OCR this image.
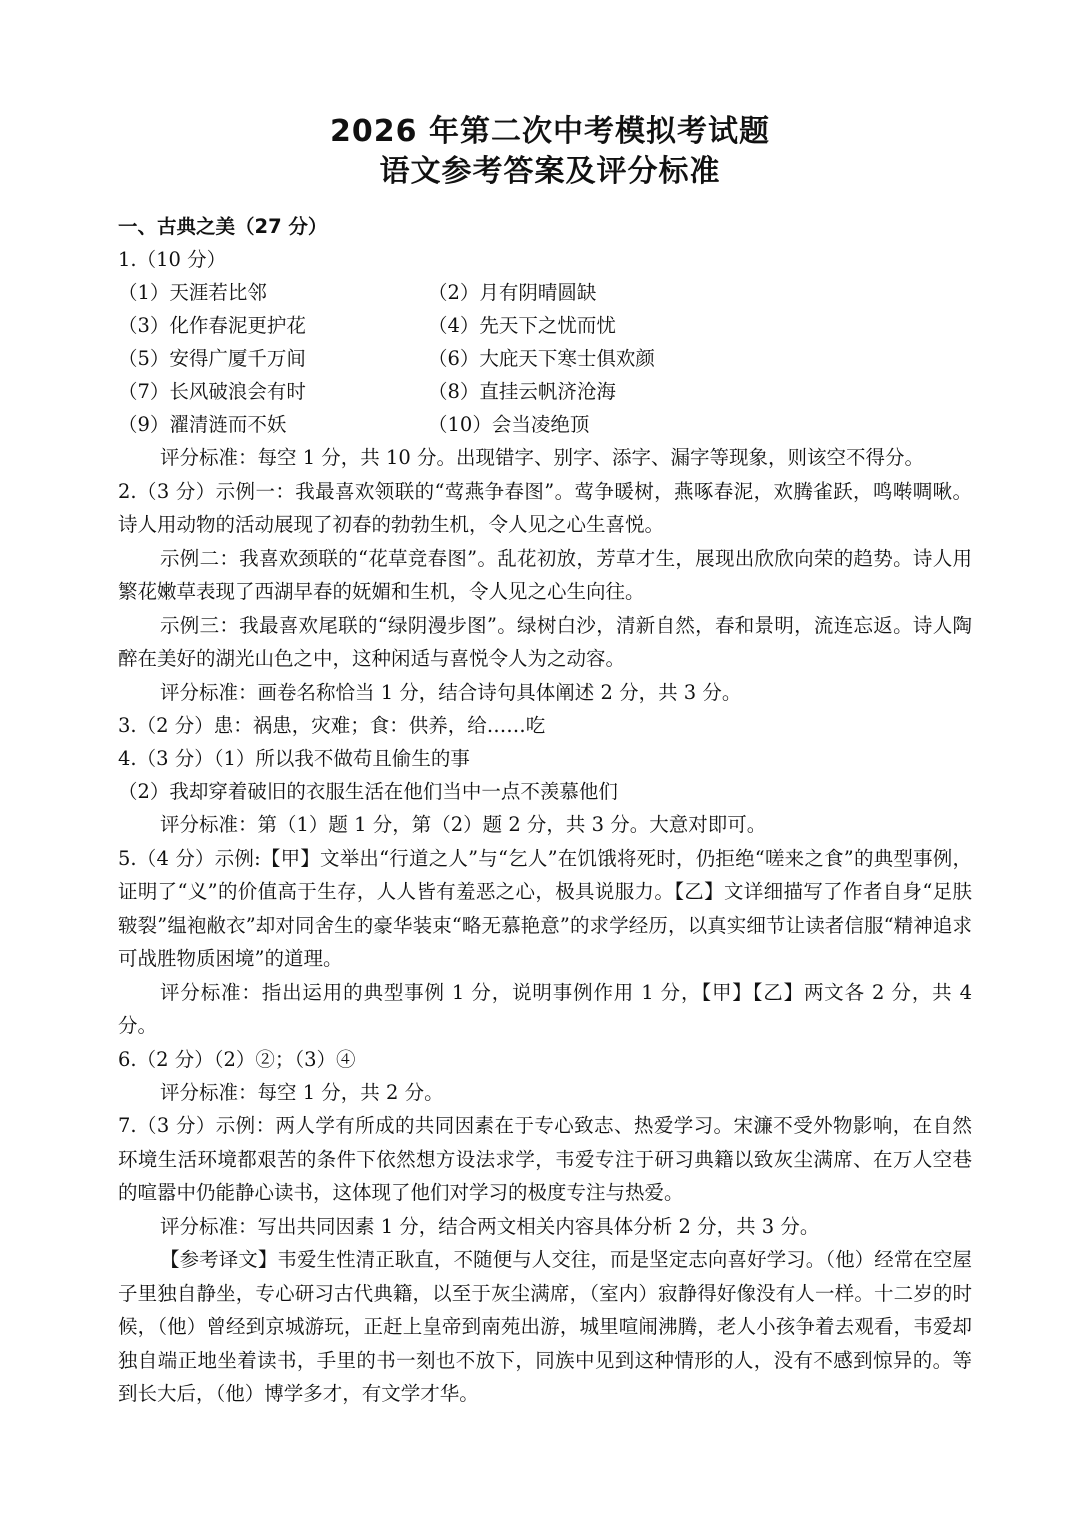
2026 年第二次中考模拟考试题
语文参考答案及评分标准
一、古典之美（27 分）
1.（10 分）
（1）天涯若比邻	（2）月有阴晴圆缺
（3）化作春泥更护花	（4）先天下之忧而忧
（5）安得广厦千万间	（6）大庇天下寒士俱欢颜
（7）长风破浪会有时	（8）直挂云帆济沧海
（9）濯清涟而不妖	（10）会当凌绝顶

评分标准：每空 1 分，共 10 分。出现错字、别字、添字、漏字等现象，则该空不得分。

2.（3 分）示例一：我最喜欢领联的“莺燕争春图”。莺争暖树，燕啄春泥，欢腾雀跃，鸣啭啁啾。诗人用动物的活动展现了初春的勃勃生机，令人见之心生喜悦。

示例二：我喜欢颈联的“花草竞春图”。乱花初放，芳草才生，展现出欣欣向荣的趋势。诗人用繁花嫩草表现了西湖早春的妩媚和生机，令人见之心生向往。

示例三：我最喜欢尾联的“绿阴漫步图”。绿树白沙，清新自然，春和景明，流连忘返。诗人陶醉在美好的湖光山色之中，这种闲适与喜悦令人为之动容。

评分标准：画卷名称恰当 1 分，结合诗句具体阐述 2 分，共 3 分。

3.（2 分）患：祸患，灾难；食：供养，给……吃
4.（3 分）（1）所以我不做苟且偷生的事
（2）我却穿着破旧的衣服生活在他们当中一点不羡慕他们

评分标准：第（1）题 1 分，第（2）题 2 分，共 3 分。大意对即可。

5.（4 分）示例:【甲】文举出“行道之人”与“乞人”在饥饿将死时，仍拒绝“嗟来之食”的典型事例，证明了“义”的价值高于生存，人人皆有羞恶之心，极具说服力。【乙】文详细描写了作者自身“足肤皲裂”缊袍敝衣”却对同舍生的豪华装束“略无慕艳意”的求学经历，以真实细节让读者信服“精神追求可战胜物质困境”的道理。

评分标准：指出运用的典型事例 1 分，说明事例作用 1 分，【甲】【乙】两文各 2 分，共 4 分。

6.（2 分）（2）②；（3）④

评分标准：每空 1 分，共 2 分。

7.（3 分）示例：两人学有所成的共同因素在于专心致志、热爱学习。宋濂不受外物影响，在自然环境生活环境都艰苦的条件下依然想方设法求学，韦爱专注于研习典籍以致灰尘满席、在万人空巷的喧嚣中仍能静心读书，这体现了他们对学习的极度专注与热爱。

评分标准：写出共同因素 1 分，结合两文相关内容具体分析 2 分，共 3 分。

【参考译文】韦爱生性清正耿直，不随便与人交往，而是坚定志向喜好学习。（他）经常在空屋子里独自静坐，专心研习古代典籍，以至于灰尘满席，（室内）寂静得好像没有人一样。十二岁的时候，（他）曾经到京城游玩，正赶上皇帝到南苑出游，城里喧闹沸腾，老人小孩争着去观看，韦爱却独自端正地坐着读书，手里的书一刻也不放下，同族中见到这种情形的人，没有不感到惊异的。等到长大后，（他）博学多才，有文学才华。
